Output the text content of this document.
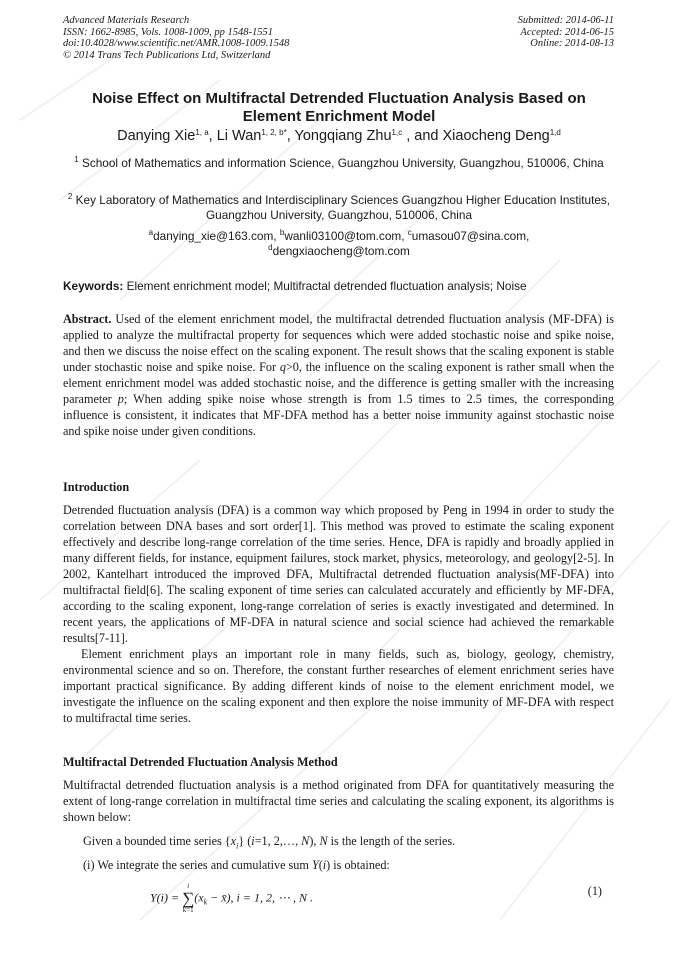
Advanced Materials Research
ISSN: 1662-8985, Vols. 1008-1009, pp 1548-1551
doi:10.4028/www.scientific.net/AMR.1008-1009.1548
© 2014 Trans Tech Publications Ltd, Switzerland
Submitted: 2014-06-11
Accepted: 2014-06-15
Online: 2014-08-13
Noise Effect on Multifractal Detrended Fluctuation Analysis Based on
Element Enrichment Model
Danying Xie$^{1, a}$, Li Wan$^{1, 2, b*}$, Yongqiang Zhu$^{1,c}$ , and Xiaocheng Deng$^{1,d}$
$^1$ School of Mathematics and information Science, Guangzhou University, Guangzhou, 510006, China
$^2$ Key Laboratory of Mathematics and Interdisciplinary Sciences Guangzhou Higher Education Institutes, Guangzhou University, Guangzhou, 510006, China
$^a$danying_xie@163.com, $^b$wanli03100@tom.com, $^c$umasou07@sina.com,
$^d$dengxiaocheng@tom.com
Keywords: Element enrichment model; Multifractal detrended fluctuation analysis; Noise

Abstract. Used of the element enrichment model, the multifractal detrended fluctuation analysis (MF-DFA) is applied to analyze the multifractal property for sequences which were added stochastic noise and spike noise, and then we discuss the noise effect on the scaling exponent. The result shows that the scaling exponent is stable under stochastic noise and spike noise. For q>0, the influence on the scaling exponent is rather small when the element enrichment model was added stochastic noise, and the difference is getting smaller with the increasing parameter p; When adding spike noise whose strength is from 1.5 times to 2.5 times, the corresponding influence is consistent, it indicates that MF-DFA method has a better noise immunity against stochastic noise and spike noise under given conditions.

Introduction

Detrended fluctuation analysis (DFA) is a common way which proposed by Peng in 1994 in order to study the correlation between DNA bases and sort order[1]. This method was proved to estimate the scaling exponent effectively and describe long-range correlation of the time series. Hence, DFA is rapidly and broadly applied in many different fields, for instance, equipment failures, stock market, physics, meteorology, and geology[2-5]. In 2002, Kantelhart introduced the improved DFA, Multifractal detrended fluctuation analysis(MF-DFA) into multifractal field[6]. The scaling exponent of time series can calculated accurately and efficiently by MF-DFA, according to the scaling exponent, long-range correlation of series is exactly investigated and determined. In recent years, the applications of MF-DFA in natural science and social science had achieved the remarkable results[7-11].

Element enrichment plays an important role in many fields, such as, biology, geology, chemistry, environmental science and so on. Therefore, the constant further researches of element enrichment series have important practical significance. By adding different kinds of noise to the element enrichment model, we investigate the influence on the scaling exponent and then explore the noise immunity of MF-DFA with respect to multifractal time series.

Multifractal Detrended Fluctuation Analysis Method

Multifractal detrended fluctuation analysis is a method originated from DFA for quantitatively measuring the extent of long-range correlation in multifractal time series and calculating the scaling exponent, its algorithms is shown below:

Given a bounded time series $\{x_i\}$ (i=1, 2,…, N), N is the length of the series.
(i) We integrate the series and cumulative sum Y(i) is obtained:
Y(i) =
i
∑
k=1
($x_k$ − x̄), i = 1, 2, ⋯ , N .	(1)
